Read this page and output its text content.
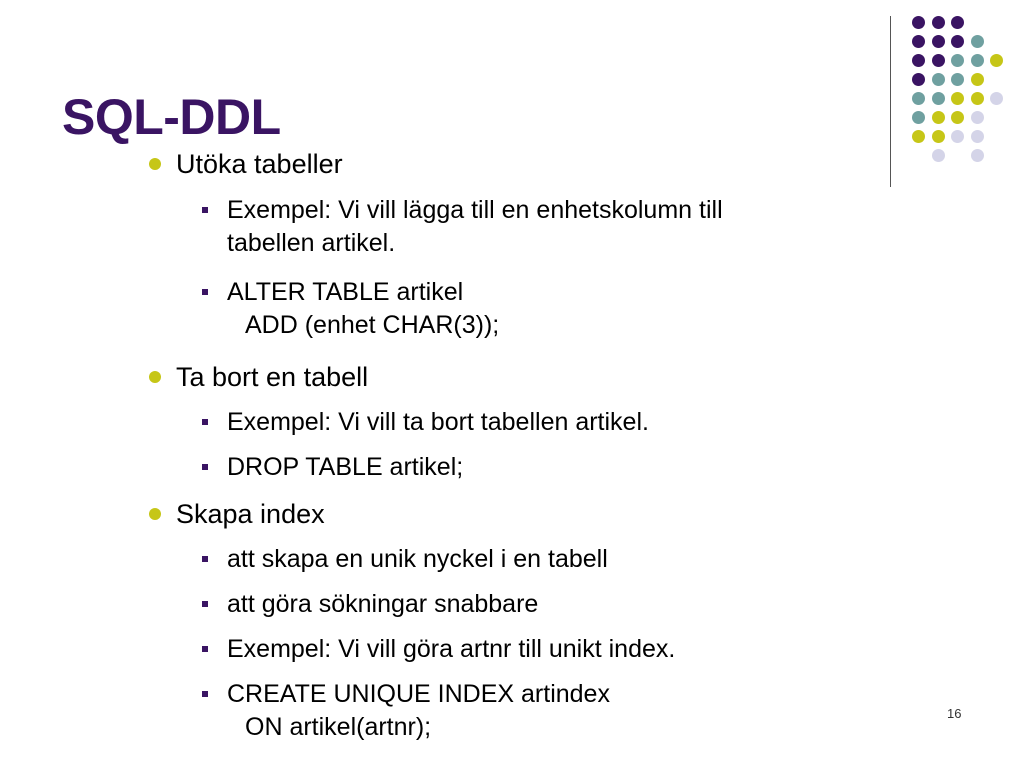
SQL-DDL
Utöka tabeller
Exempel: Vi vill lägga till en enhetskolumn till
tabellen artikel.
ALTER TABLE artikel
ADD (enhet CHAR(3));
Ta bort en tabell
Exempel: Vi vill ta bort tabellen artikel.
DROP TABLE artikel;
Skapa index
att skapa en unik nyckel i en tabell
att göra sökningar snabbare
Exempel: Vi vill göra artnr till unikt index.
CREATE UNIQUE INDEX artindex
ON artikel(artnr);	16
